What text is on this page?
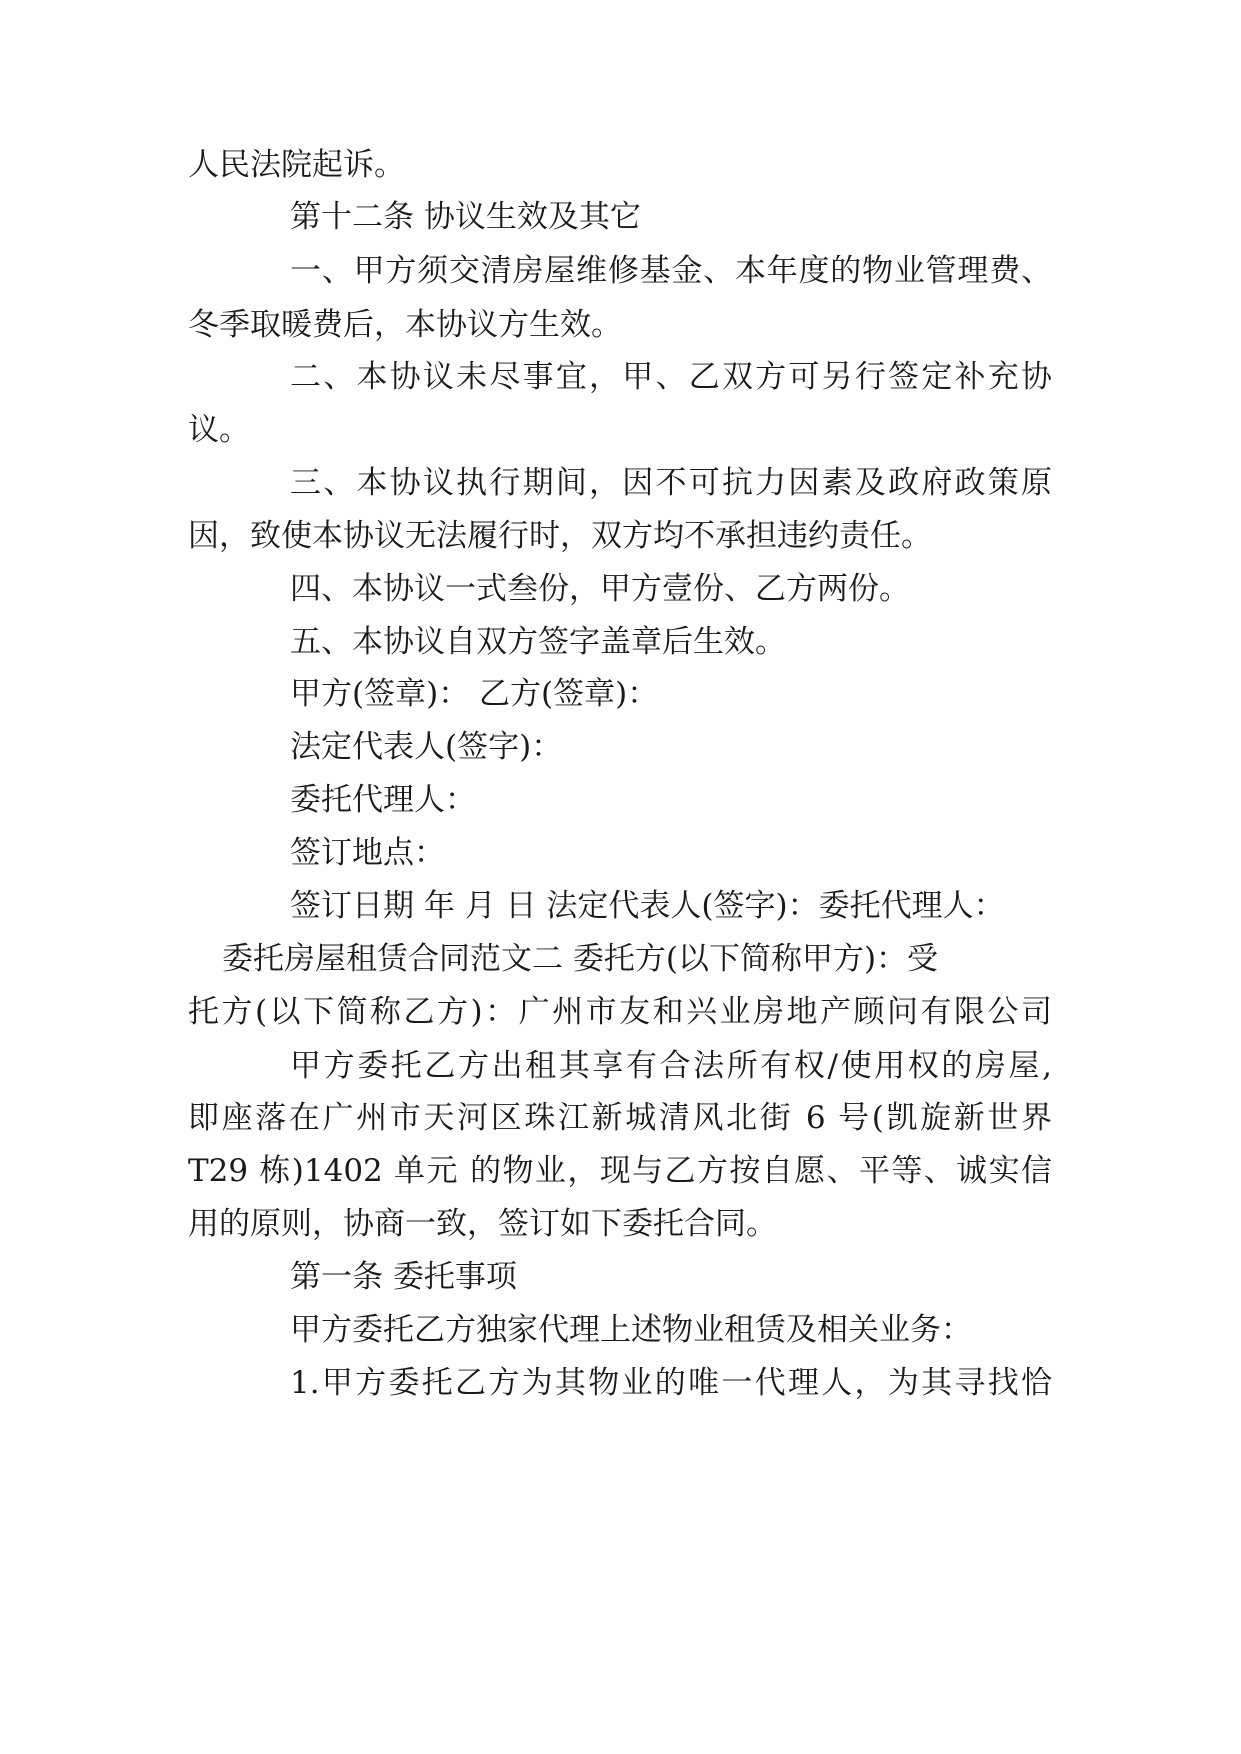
人民法院起诉。
第十二条 协议生效及其它
一、甲方须交清房屋维修基金、本年度的物业管理费、
冬季取暖费后，本协议方生效。
二、本协议未尽事宜，甲、乙双方可另行签定补充协
议。
三、本协议执行期间，因不可抗力因素及政府政策原
因，致使本协议无法履行时，双方均不承担违约责任。
四、本协议一式叁份，甲方壹份、乙方两份。
五、本协议自双方签字盖章后生效。
甲方(签章)： 乙方(签章)：
法定代表人(签字)：
委托代理人：
签订地点：
签订日期 年 月 日 法定代表人(签字)：委托代理人：
委托房屋租赁合同范文二 委托方(以下简称甲方)：受
托方(以下简称乙方)：广州市友和兴业房地产顾问有限公司
甲方委托乙方出租其享有合法所有权/使用权的房屋,
即座落在广州市天河区珠江新城清风北街 6 号(凯旋新世界
T29 栋)1402 单元 的物业，现与乙方按自愿、平等、诚实信
用的原则，协商一致，签订如下委托合同。
第一条 委托事项
甲方委托乙方独家代理上述物业租赁及相关业务：
1.甲方委托乙方为其物业的唯一代理人，为其寻找恰
